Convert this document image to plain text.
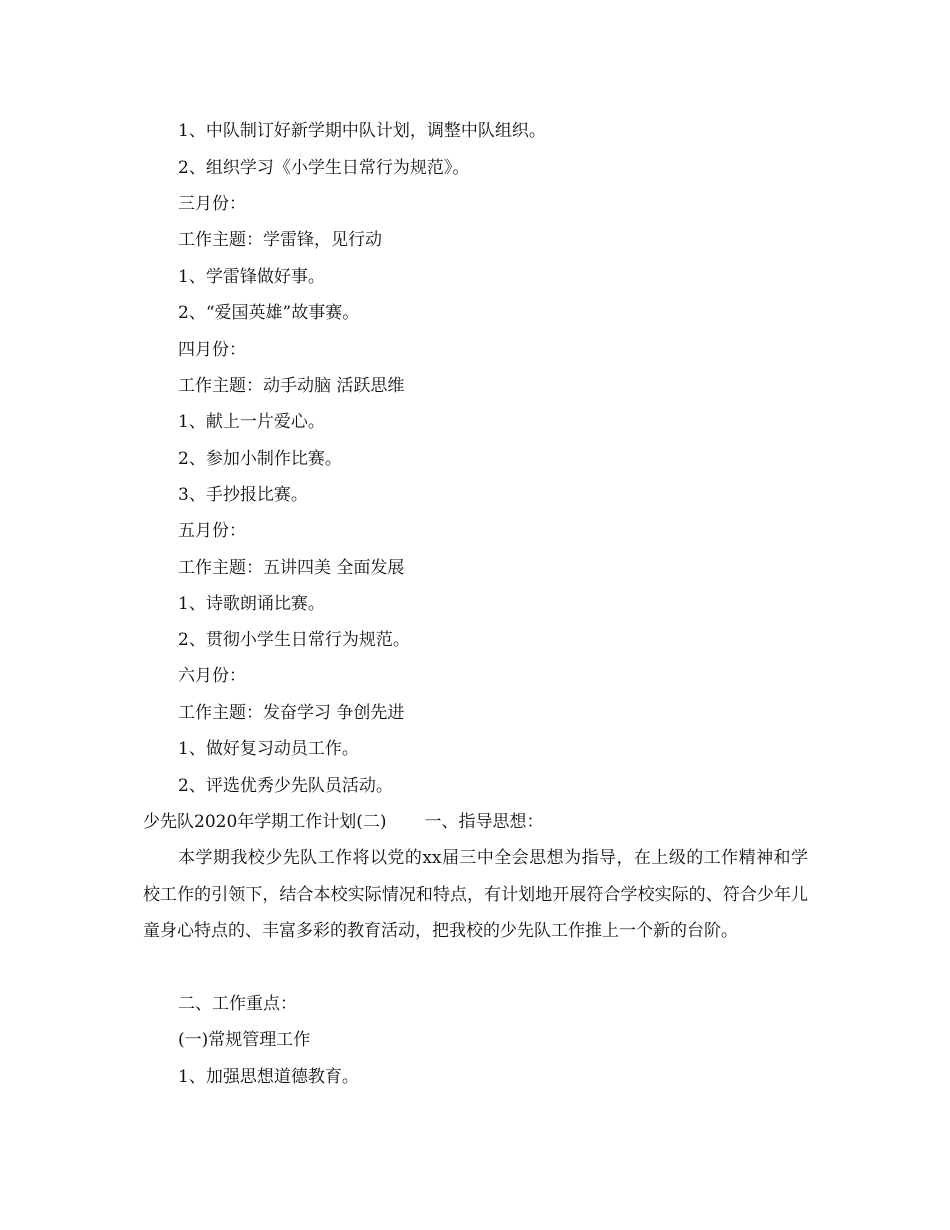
1、中队制订好新学期中队计划，调整中队组织。
2、组织学习《小学生日常行为规范》。
三月份：
工作主题：学雷锋，见行动
1、学雷锋做好事。
2、“爱国英雄”故事赛。
四月份：
工作主题：动手动脑 活跃思维
1、献上一片爱心。
2、参加小制作比赛。
3、手抄报比赛。
五月份：
工作主题：五讲四美 全面发展
1、诗歌朗诵比赛。
2、贯彻小学生日常行为规范。
六月份：
工作主题：发奋学习 争创先进
1、做好复习动员工作。
2、评选优秀少先队员活动。
少先队2020年学期工作计划(二) 一、指导思想：
本学期我校少先队工作将以党的xx届三中全会思想为指导，在上级的工作精神和学校工作的引领下，结合本校实际情况和特点，有计划地开展符合学校实际的、符合少年儿童身心特点的、丰富多彩的教育活动，把我校的少先队工作推上一个新的台阶。
二、工作重点：
(一)常规管理工作
1、加强思想道德教育。
